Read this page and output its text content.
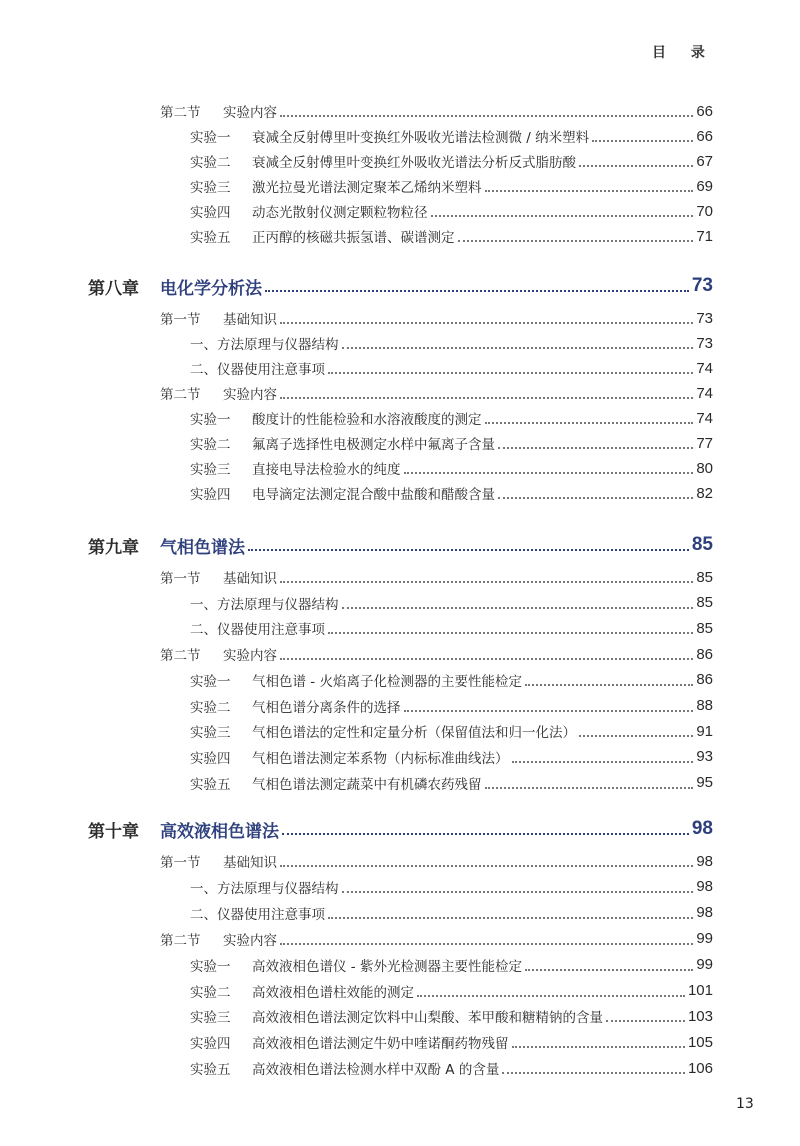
目 录
第二节	实验内容	66
实验一	衰减全反射傅里叶变换红外吸收光谱法检测微 / 纳米塑料	66
实验二	衰减全反射傅里叶变换红外吸收光谱法分析反式脂肪酸	67
实验三	激光拉曼光谱法测定聚苯乙烯纳米塑料	69
实验四	动态光散射仪测定颗粒物粒径	70
实验五	正丙醇的核磁共振氢谱、碳谱测定	71
第八章	电化学分析法	73
第一节	基础知识	73
一、方法原理与仪器结构	73
二、仪器使用注意事项	74
第二节	实验内容	74
实验一	酸度计的性能检验和水溶液酸度的测定	74
实验二	氟离子选择性电极测定水样中氟离子含量	77
实验三	直接电导法检验水的纯度	80
实验四	电导滴定法测定混合酸中盐酸和醋酸含量	82
第九章	气相色谱法	85
第一节	基础知识	85
一、方法原理与仪器结构	85
二、仪器使用注意事项	85
第二节	实验内容	86
实验一	气相色谱 - 火焰离子化检测器的主要性能检定	86
实验二	气相色谱分离条件的选择	88
实验三	气相色谱法的定性和定量分析（保留值法和归一化法）	91
实验四	气相色谱法测定苯系物（内标标准曲线法）	93
实验五	气相色谱法测定蔬菜中有机磷农药残留	95
第十章	高效液相色谱法	98
第一节	基础知识	98
一、方法原理与仪器结构	98
二、仪器使用注意事项	98
第二节	实验内容	99
实验一	高效液相色谱仪 - 紫外光检测器主要性能检定	99
实验二	高效液相色谱柱效能的测定	101
实验三	高效液相色谱法测定饮料中山梨酸、苯甲酸和糖精钠的含量	103
实验四	高效液相色谱法测定牛奶中喹诺酮药物残留	105
实验五	高效液相色谱法检测水样中双酚 A 的含量	106
13
